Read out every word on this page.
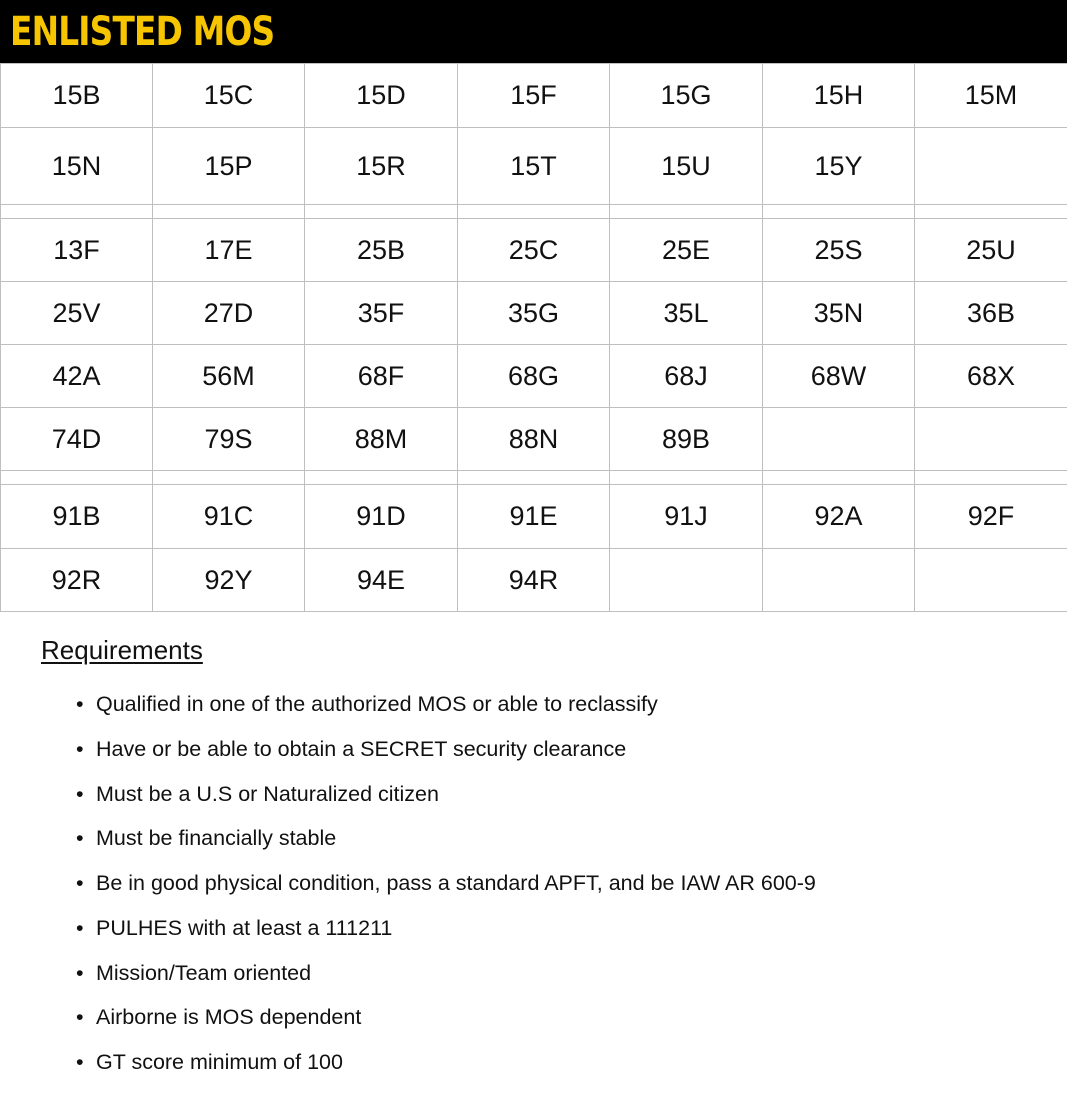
ENLISTED MOS
15B	15C	15D	15F	15G	15H	15M
15N	15P	15R	15T	15U	15Y	

13F	17E	25B	25C	25E	25S	25U
25V	27D	35F	35G	35L	35N	36B
42A	56M	68F	68G	68J	68W	68X
74D	79S	88M	88N	89B		

91B	91C	91D	91E	91J	92A	92F
92R	92Y	94E	94R			
Requirements
• Qualified in one of the authorized MOS or able to reclassify
• Have or be able to obtain a SECRET security clearance
• Must be a U.S or Naturalized citizen
• Must be financially stable
• Be in good physical condition, pass a standard APFT, and be IAW AR 600-9
• PULHES with at least a 111211
• Mission/Team oriented
• Airborne is MOS dependent
• GT score minimum of 100
